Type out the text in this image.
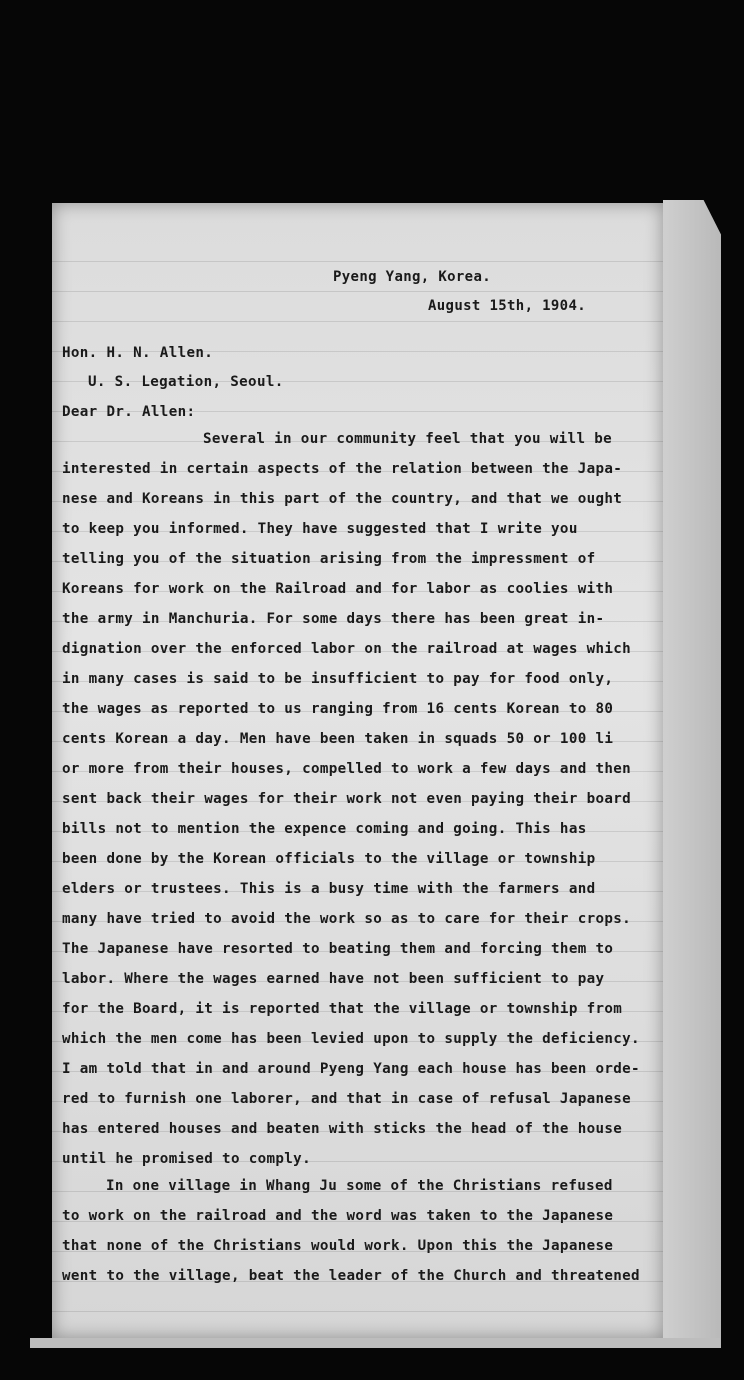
Pyeng Yang, Korea.
August 15th, 1904.
Hon. H. N. Allen.
U. S. Legation, Seoul.
Dear Dr. Allen:
Several in our community feel that you will be
interested in certain aspects of the relation between the Japa-
nese and Koreans in this part of the country, and that we ought
to keep you informed. They have suggested that I write you
telling you of the situation arising from the impressment of
Koreans for work on the Railroad and for labor as coolies with
the army in Manchuria. For some days there has been great in-
dignation over the enforced labor on the railroad at wages which
in many cases is said to be insufficient to pay for food only,
the wages as reported to us ranging from 16 cents Korean to 80
cents Korean a day. Men have been taken in squads 50 or 100 li
or more from their houses, compelled to work a few days and then
sent back their wages for their work not even paying their board
bills not to mention the expence coming and going. This has
been done by the Korean officials to the village or township
elders or trustees. This is a busy time with the farmers and
many have tried to avoid the work so as to care for their crops.
The Japanese have resorted to beating them and forcing them to
labor. Where the wages earned have not been sufficient to pay
for the Board, it is reported that the village or township from
which the men come has been levied upon to supply the deficiency.
I am told that in and around Pyeng Yang each house has been orde-
red to furnish one laborer, and that in case of refusal Japanese
has entered houses and beaten with sticks the head of the house
until he promised to comply.
In one village in Whang Ju some of the Christians refused
to work on the railroad and the word was taken to the Japanese
that none of the Christians would work. Upon this the Japanese
went to the village, beat the leader of the Church and threatened
